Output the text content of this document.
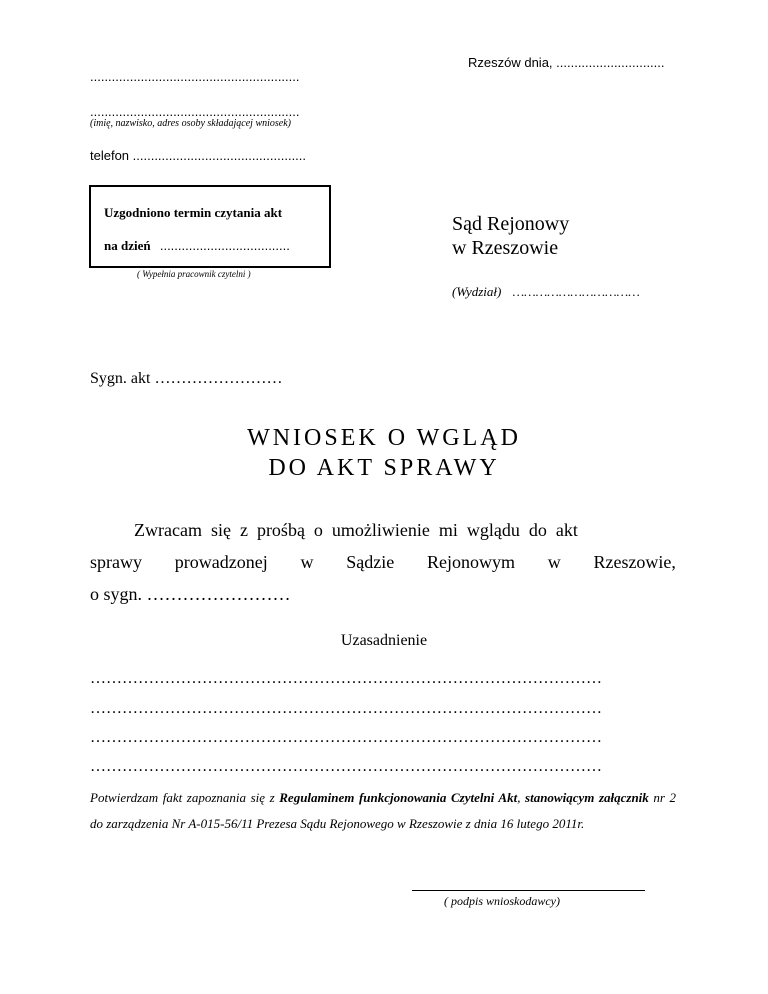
Rzeszów dnia, ..............................
..........................................................
..........................................................
(imię, nazwisko, adres osoby składającej wniosek)
telefon ................................................
Uzgodniono termin czytania akt
na dzień ....................................
( Wypełnia pracownik czytelni )
Sąd Rejonowy
w Rzeszowie
(Wydział) ……………………………
Sygn. akt ……………………
WNIOSEK O WGLĄD
DO AKT SPRAWY
Zwracam  się  z  prośbą  o  umożliwienie  mi  wglądu  do  akt
sprawy prowadzonej w Sądzie Rejonowym w Rzeszowie,
o sygn. ……………………
Uzasadnienie
……………………………………………………………………………………
……………………………………………………………………………………
……………………………………………………………………………………
……………………………………………………………………………………
Potwierdzam fakt zapoznania się z Regulaminem funkcjonowania Czytelni Akt, stanowiącym załącznik nr 2 do zarządzenia Nr A-015-56/11 Prezesa Sądu Rejonowego w Rzeszowie z dnia 16 lutego 2011r.
( podpis wnioskodawcy)
